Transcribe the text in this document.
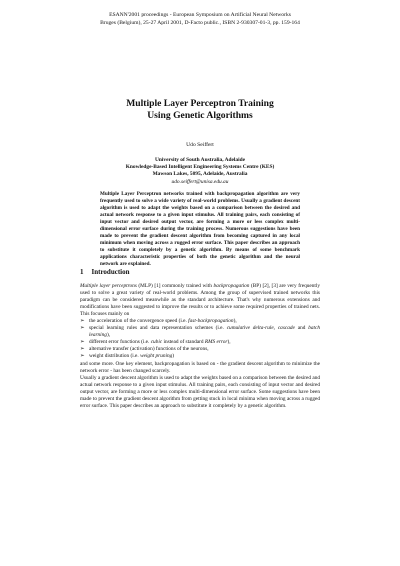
ESANN'2001 proceedings - European Symposium on Artificial Neural Networks
Bruges (Belgium), 25-27 April 2001, D-Facto public., ISBN 2-930307-01-3, pp. 159-164
Multiple Layer Perceptron Training
Using Genetic Algorithms
Udo Seiffert
University of South Australia, Adelaide
Knowledge-Based Intelligent Engineering Systems Centre (KES)
Mawson Lakes, 5095, Adelaide, Australia
udo.seiffert@unisa.edu.au
Multiple Layer Perceptron networks trained with backpropagation algorithm are very frequently used to solve a wide variety of real-world problems. Usually a gradient descent algorithm is used to adapt the weights based on a comparison between the desired and actual network response to a given input stimulus. All training pairs, each consisting of input vector and desired output vector, are forming a more or less complex multi-dimensional error surface during the training process. Numerous suggestions have been made to prevent the gradient descent algorithm from becoming captured in any local minimum when moving across a rugged error surface. This paper describes an approach to substitute it completely by a genetic algorithm. By means of some benchmark applications characteristic properties of both the genetic algorithm and the neural network are explained.
1 Introduction

Multiple layer perceptrons (MLP) [1] commonly trained with backpropagation (BP) [2], [3] are very frequently used to solve a great variety of real-world problems. Among the group of supervised trained networks this paradigm can be considered meanwhile as the standard architecture. That's why numerous extensions and modifications have been suggested to improve the results or to achieve some required properties of trained nets. This focuses mainly on

➢ the acceleration of the convergence speed (i.e. fast-backpropagation),
➢ special learning rules and data representation schemes (i.e. cumulative delta-rule, cascade and batch learning),
➢ different error functions (i.e. cubic instead of standard RMS error),
➢ alternative transfer (activation) functions of the neurons,
➢ weight distribution (i.e. weight pruning)

and some more. One key element, backpropagation is based on - the gradient descent algorithm to minimize the network error - has been changed scarcely.

Usually a gradient descent algorithm is used to adapt the weights based on a comparison between the desired and actual network response to a given input stimulus. All training pairs, each consisting of input vector and desired output vector, are forming a more or less complex multi-dimensional error surface. Some suggestions have been made to prevent the gradient descent algorithm from getting stuck in local minima when moving across a rugged error surface. This paper describes an approach to substitute it completely by a genetic algorithm.
